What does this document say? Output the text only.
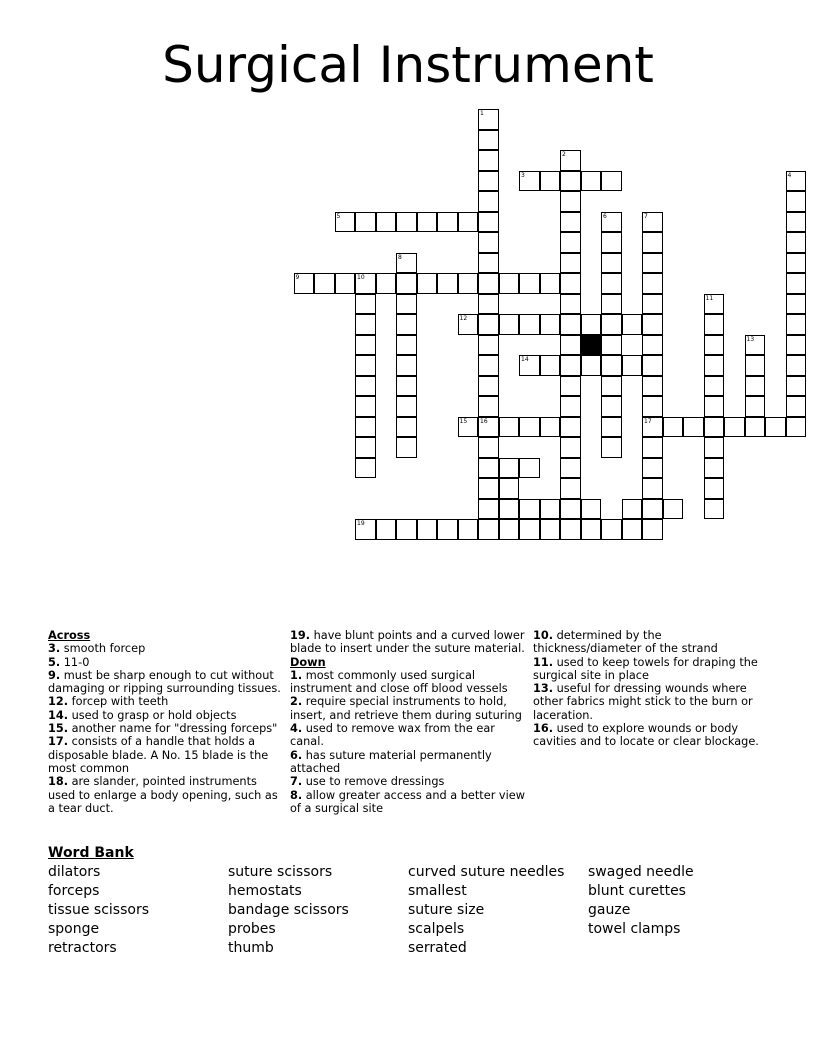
Surgical Instrument
1
16
2
3	4
5	6	7
17
8
9	10
11
12
13
14
15
19
Across
3. smooth forcep
5. 11-0
9. must be sharp enough to cut without damaging or ripping surrounding tissues.
12. forcep with teeth
14. used to grasp or hold objects
15. another name for "dressing forceps"
17. consists of a handle that holds a disposable blade. A No. 15 blade is the most common
18. are slander, pointed instruments used to enlarge a body opening, such as a tear duct.
19. have blunt points and a curved lower blade to insert under the suture material.
Down
1. most commonly used surgical instrument and close off blood vessels
2. require special instruments to hold, insert, and retrieve them during suturing
4. used to remove wax from the ear canal.
6. has suture material permanently attached
7. use to remove dressings
8. allow greater access and a better view of a surgical site
10. determined by the thickness/diameter of the strand
11. used to keep towels for draping the surgical site in place
13. useful for dressing wounds where other fabrics might stick to the burn or laceration.
16. used to explore wounds or body cavities and to locate or clear blockage.
Word Bank
dilators
forceps
tissue scissors
sponge
retractors
suture scissors
hemostats
bandage scissors
probes
thumb
curved suture needles
smallest
suture size
scalpels
serrated
swaged needle
blunt curettes
gauze
towel clamps
